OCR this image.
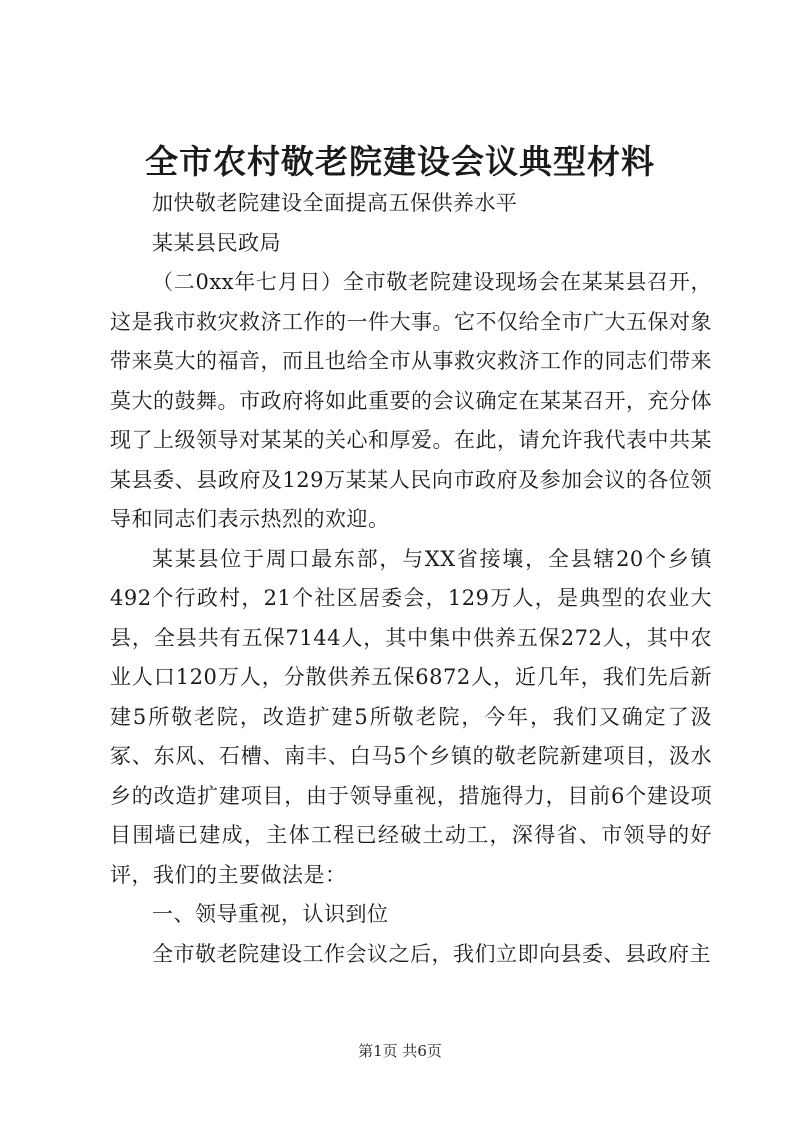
全市农村敬老院建设会议典型材料

加快敬老院建设全面提高五保供养水平

某某县民政局

（二0xx年七月日）全市敬老院建设现场会在某某县召开，这是我市救灾救济工作的一件大事。它不仅给全市广大五保对象带来莫大的福音，而且也给全市从事救灾救济工作的同志们带来莫大的鼓舞。市政府将如此重要的会议确定在某某召开，充分体现了上级领导对某某的关心和厚爱。在此，请允许我代表中共某某县委、县政府及129万某某人民向市政府及参加会议的各位领导和同志们表示热烈的欢迎。

某某县位于周口最东部，与XX省接壤，全县辖20个乡镇492个行政村，21个社区居委会，129万人，是典型的农业大县，全县共有五保7144人，其中集中供养五保272人，其中农业人口120万人，分散供养五保6872人，近几年，我们先后新建5所敬老院，改造扩建5所敬老院，今年，我们又确定了汲冢、东风、石槽、南丰、白马5个乡镇的敬老院新建项目，汲水乡的改造扩建项目，由于领导重视，措施得力，目前6个建设项目围墙已建成，主体工程已经破土动工，深得省、市领导的好评，我们的主要做法是：

一、领导重视，认识到位

全市敬老院建设工作会议之后，我们立即向县委、县政府主

第1页 共6页
